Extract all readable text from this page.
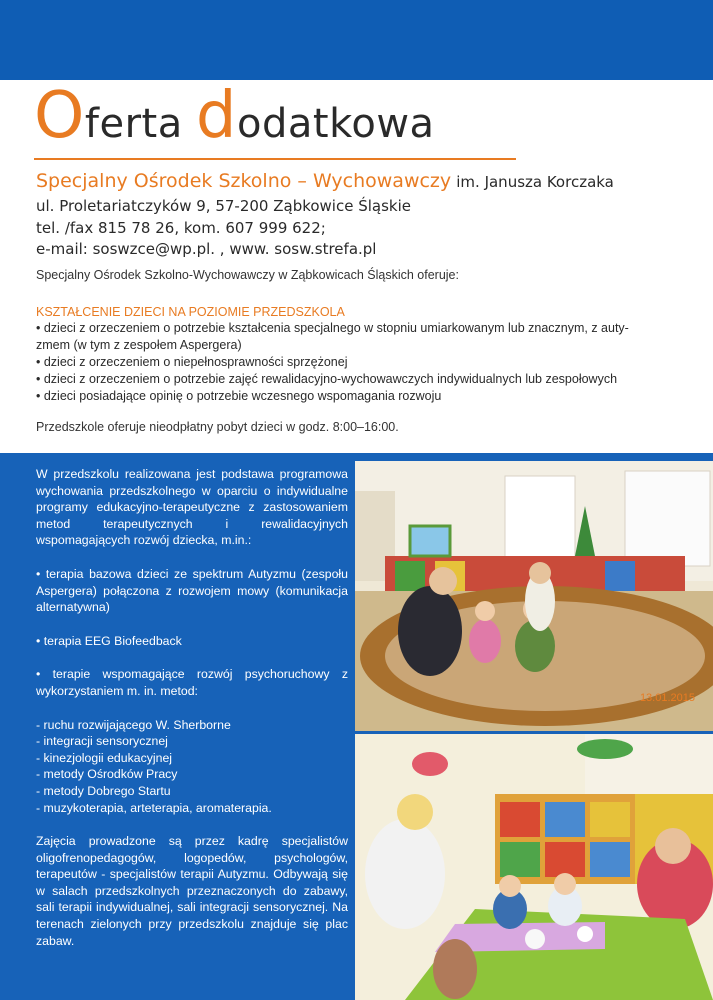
Oferta dodatkowa
Specjalny Ośrodek Szkolno – Wychowawczy im. Janusza Korczaka
ul. Proletariatczyków 9, 57-200 Ząbkowice Śląskie
tel. /fax 815 78 26, kom. 607 999 622;
e-mail: soswzce@wp.pl. , www. sosw.strefa.pl
Specjalny Ośrodek Szkolno-Wychowawczy w Ząbkowicach Śląskich oferuje:
KSZTAŁCENIE DZIECI NA POZIOMIE PRZEDSZKOLA
• dzieci z orzeczeniem o potrzebie kształcenia specjalnego w stopniu umiarkowanym lub znacznym, z auty-
zmem (w tym z zespołem Aspergera)
• dzieci z orzeczeniem o niepełnosprawności sprzężonej
• dzieci z orzeczeniem o potrzebie zajęć rewalidacyjno-wychowawczych indywidualnych lub zespołowych
• dzieci posiadające opinię o potrzebie wczesnego wspomagania rozwoju
Przedszkole oferuje nieodpłatny pobyt dzieci w godz. 8:00–16:00.

W przedszkolu realizowana jest podstawa programowa wychowania przedszkolnego w oparciu o indywidualne programy edukacyjno-terapeutyczne z zastosowaniem metod terapeutycznych i rewalidacyjnych wspomagających rozwój dziecka, m.in.:

• terapia bazowa dzieci ze spektrum Autyzmu (zespołu Aspergera) połączona z rozwojem mowy (komunikacja alternatywna)

• terapia EEG Biofeedback

• terapie wspomagające rozwój psychoruchowy z wykorzystaniem m. in. metod:

- ruchu rozwijającego W. Sherborne
- integracji sensorycznej
- kinezjologii edukacyjnej
- metody Ośrodków Pracy
- metody Dobrego Startu
- muzykoterapia, arteterapia, aromaterapia.

Zajęcia prowadzone są przez kadrę specjalistów oligofrenopedagogów, logopedów, psychologów, terapeutów - specjalistów terapii Autyzmu. Odbywają się w salach przedszkolnych przeznaczonych do zabawy, sali terapii indywidualnej, sali integracji sensorycznej. Na terenach zielonych przy przedszkolu znajduje się plac zabaw.

13.01.2015
